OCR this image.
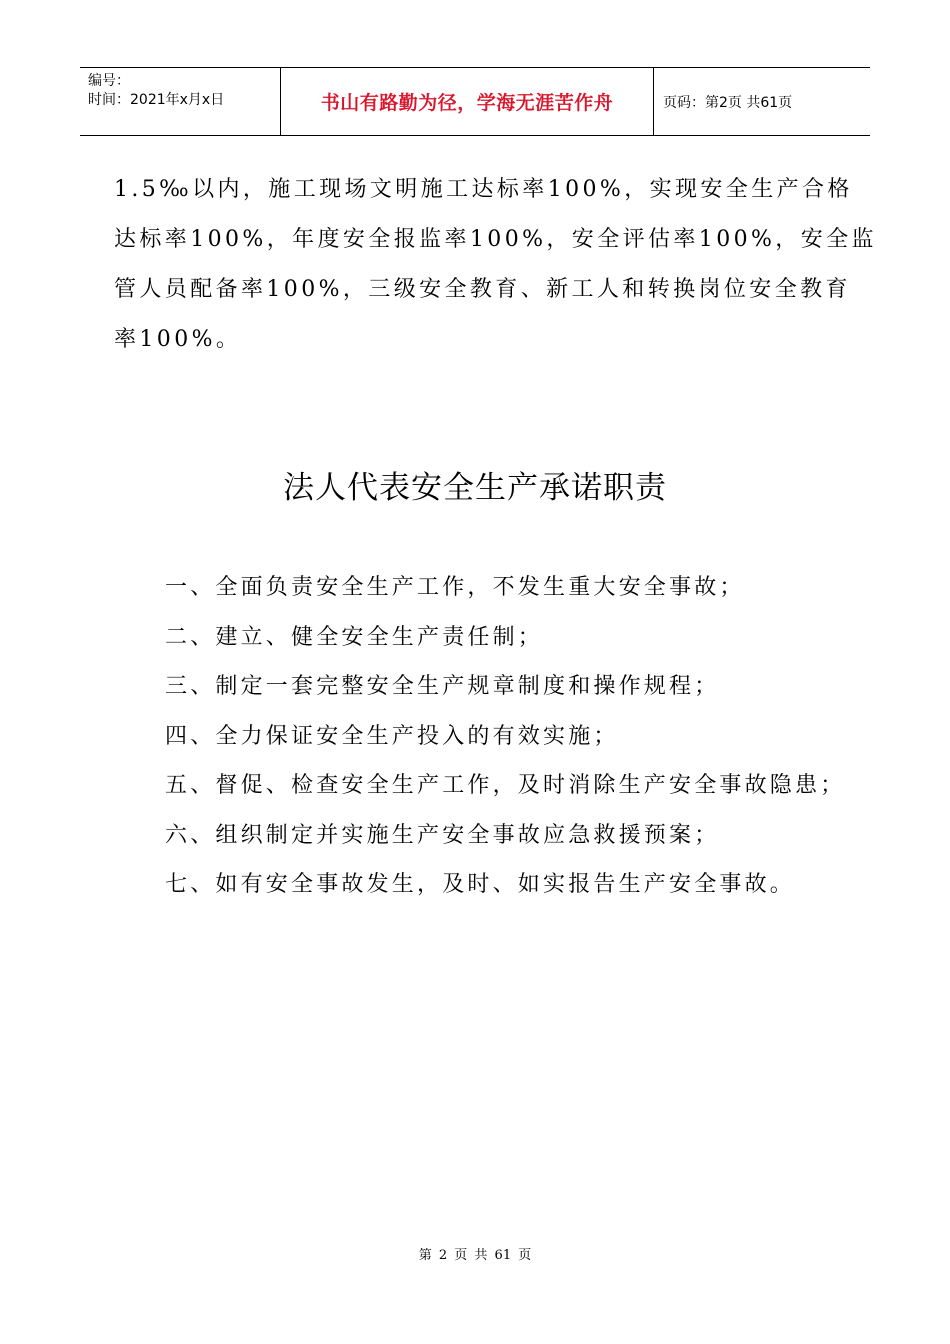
编号：
时间：2021年x月x日	书山有路勤为径，学海无涯苦作舟	页码：第2页 共61页

1.5‰以内，施工现场文明施工达标率100%，实现安全生产合格
达标率100%，年度安全报监率100%，安全评估率100%，安全监
管人员配备率100%，三级安全教育、新工人和转换岗位安全教育
率100%。

法人代表安全生产承诺职责
一、全面负责安全生产工作，不发生重大安全事故；
二、建立、健全安全生产责任制；
三、制定一套完整安全生产规章制度和操作规程；
四、全力保证安全生产投入的有效实施；
五、督促、检查安全生产工作，及时消除生产安全事故隐患；
六、组织制定并实施生产安全事故应急救援预案；
七、如有安全事故发生，及时、如实报告生产安全事故。
第 2 页 共 61 页
